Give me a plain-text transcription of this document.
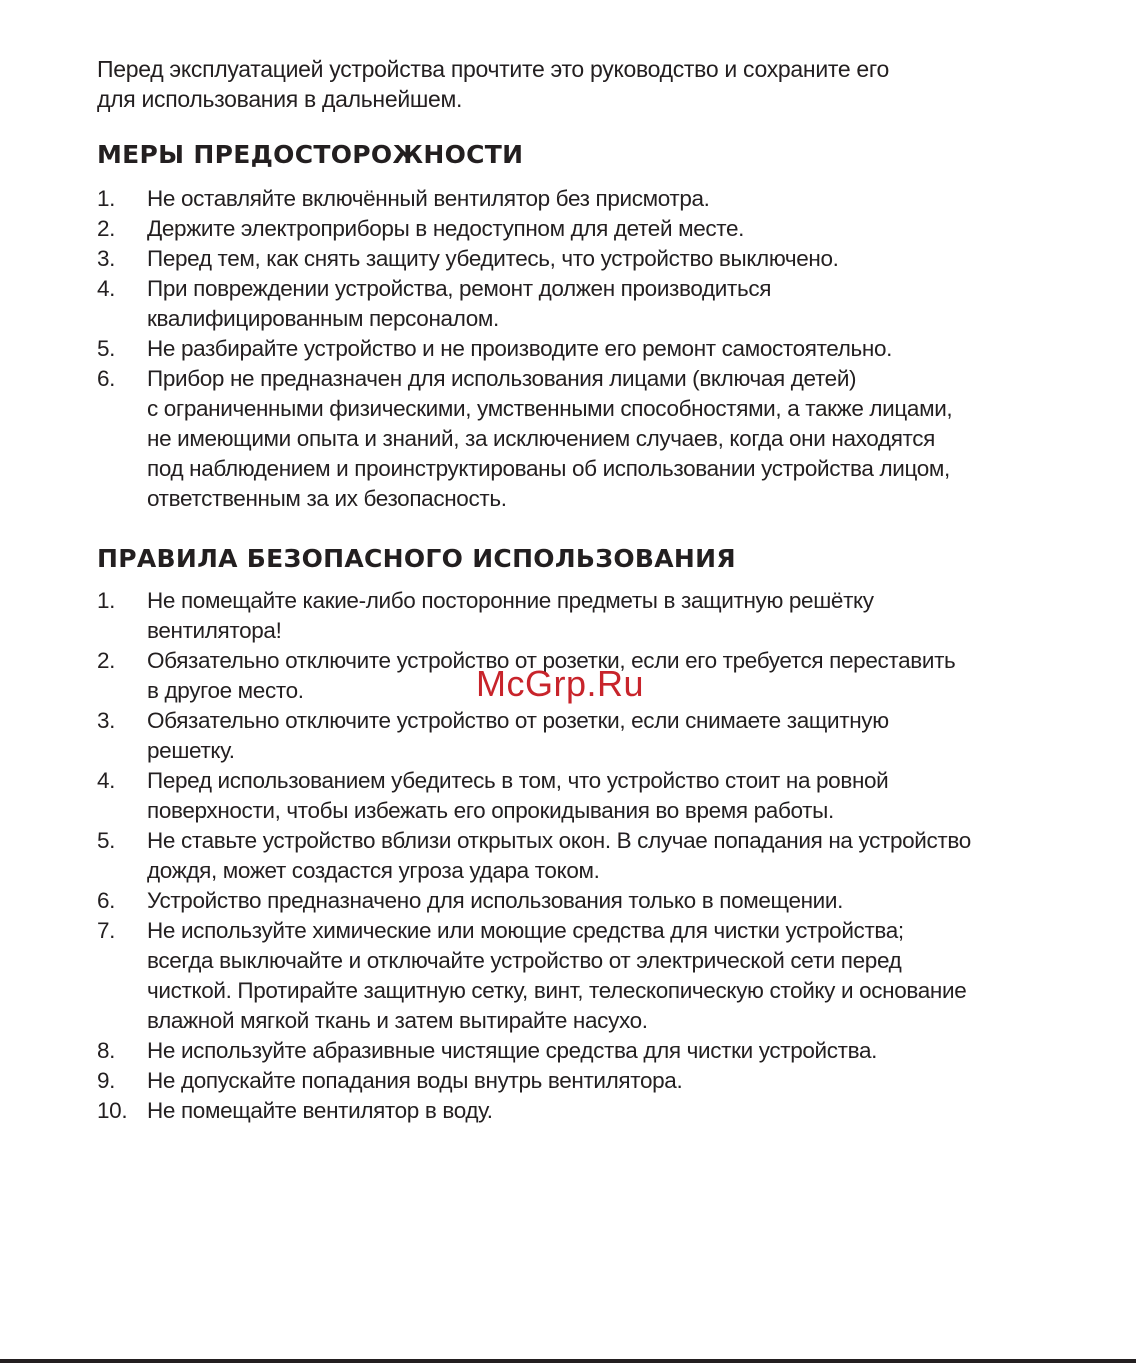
Перед эксплуатацией устройства прочтите это руководство и сохраните его
для использования в дальнейшем.

МЕРЫ ПРЕДОСТОРОЖНОСТИ
1.	Не оставляйте включённый вентилятор без присмотра.
2.	Держите электроприборы в недоступном для детей месте.
3.	Перед тем, как снять защиту убедитесь, что устройство выключено.
4.	При повреждении устройства, ремонт должен производиться
квалифицированным персоналом.
5.	Не разбирайте устройство и не производите его ремонт самостоятельно.
6.	Прибор не предназначен для использования лицами (включая детей)
с ограниченными физическими, умственными способностями, а также лицами,
не имеющими опыта и знаний, за исключением случаев, когда они находятся
под наблюдением и проинструктированы об использовании устройства лицом,
ответственным за их безопасность.
ПРАВИЛА БЕЗОПАСНОГО ИСПОЛЬЗОВАНИЯ
1.	Не помещайте какие-либо посторонние предметы в защитную решётку
вентилятора!
2.	Обязательно отключите устройство от розетки, если его требуется переставить
в другое место.
3.	Обязательно отключите устройство от розетки, если снимаете защитную
решетку.
4.	Перед использованием убедитесь в том, что устройство стоит на ровной
поверхности, чтобы избежать его опрокидывания во время работы.
5.	Не ставьте устройство вблизи открытых окон. В случае попадания на устройство
дождя, может создастся угроза удара током.
6.	Устройство предназначено для использования только в помещении.
7.	Не используйте химические или моющие средства для чистки устройства;
всегда выключайте и отключайте устройство от электрической сети перед
чисткой. Протирайте защитную сетку, винт, телескопическую стойку и основание
влажной мягкой ткань и затем вытирайте насухо.
8.	Не используйте абразивные чистящие средства для чистки устройства.
9.	Не допускайте попадания воды внутрь вентилятора.
10. Не помещайте вентилятор в воду.
McGrp.Ru
